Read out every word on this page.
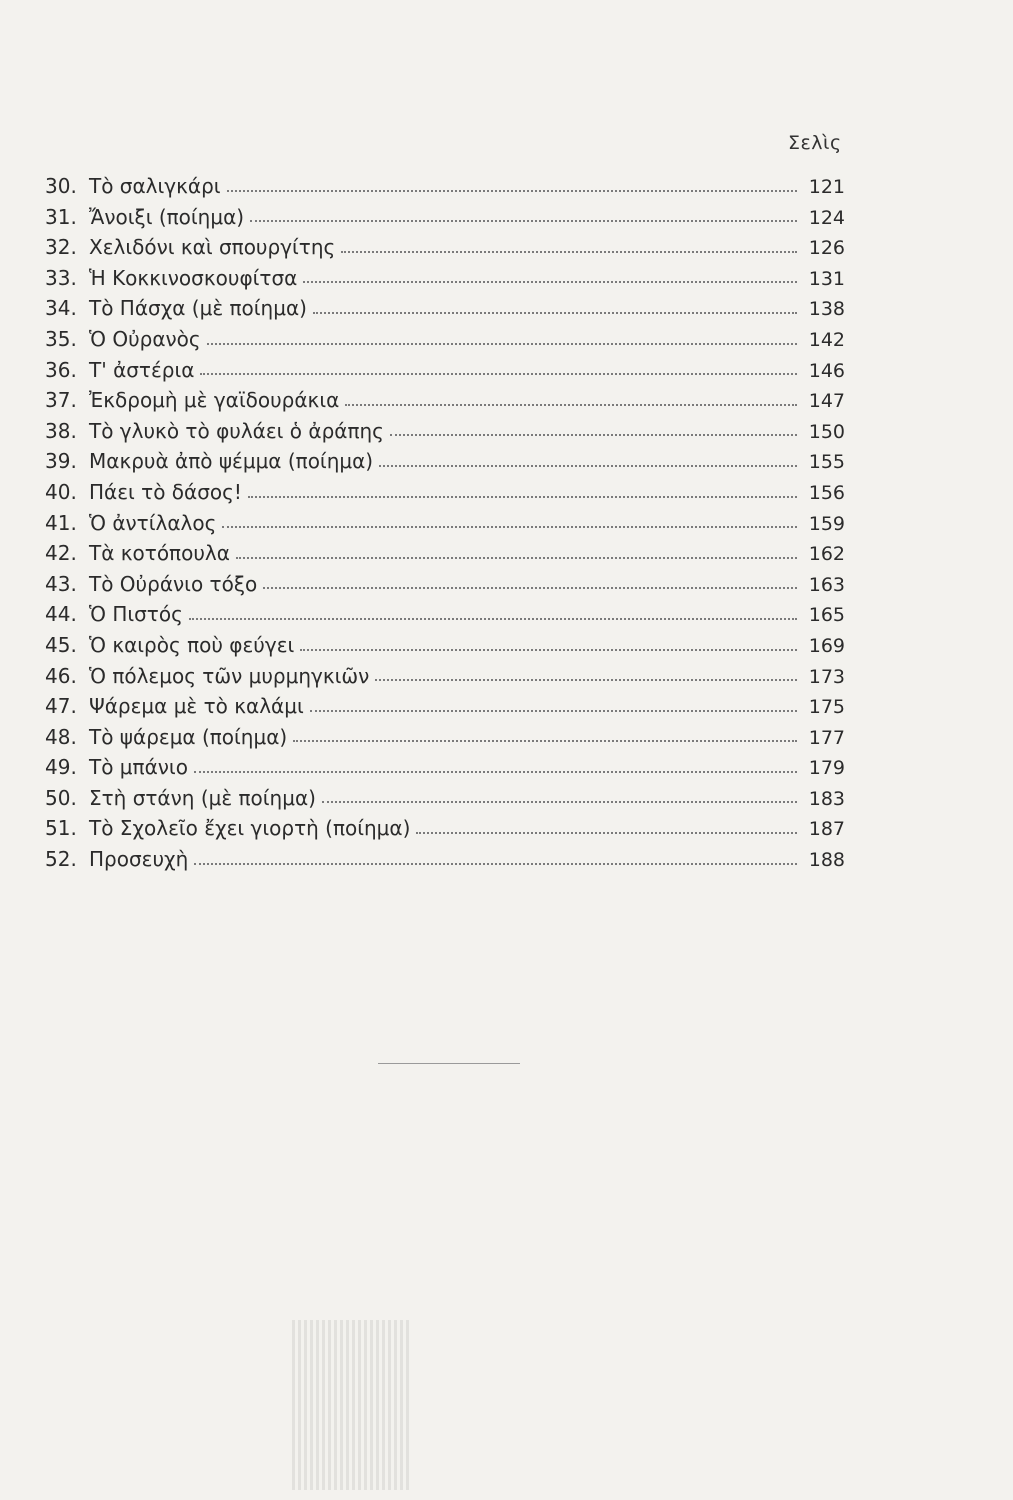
Σελὶς
30. Τὸ σαλιγκάρι	121
31. Ἄνοιξι (ποίημα)	124
32. Χελιδόνι καὶ σπουργίτης	126
33. Ἡ Κοκκινοσκουφίτσα	131
34. Τὸ Πάσχα (μὲ ποίημα)	138
35. Ὁ Οὐρανὸς	142
36. Τ' ἀστέρια	146
37. Ἐκδρομὴ μὲ γαϊδουράκια	147
38. Τὸ γλυκὸ τὸ φυλάει ὁ ἀράπης	150
39. Μακρυὰ ἀπὸ ψέμμα (ποίημα)	155
40. Πάει τὸ δάσος!	156
41. Ὁ ἀντίλαλος	159
42. Τὰ κοτόπουλα	162
43. Τὸ Οὐράνιο τόξο	163
44. Ὁ Πιστός	165
45. Ὁ καιρὸς ποὺ φεύγει	169
46. Ὁ πόλεμος τῶν μυρμηγκιῶν	173
47. Ψάρεμα μὲ τὸ καλάμι	175
48. Τὸ ψάρεμα (ποίημα)	177
49. Τὸ μπάνιο	179
50. Στὴ στάνη (μὲ ποίημα)	183
51. Τὸ Σχολεῖο ἔχει γιορτὴ (ποίημα)	187
52. Προσευχὴ	188
